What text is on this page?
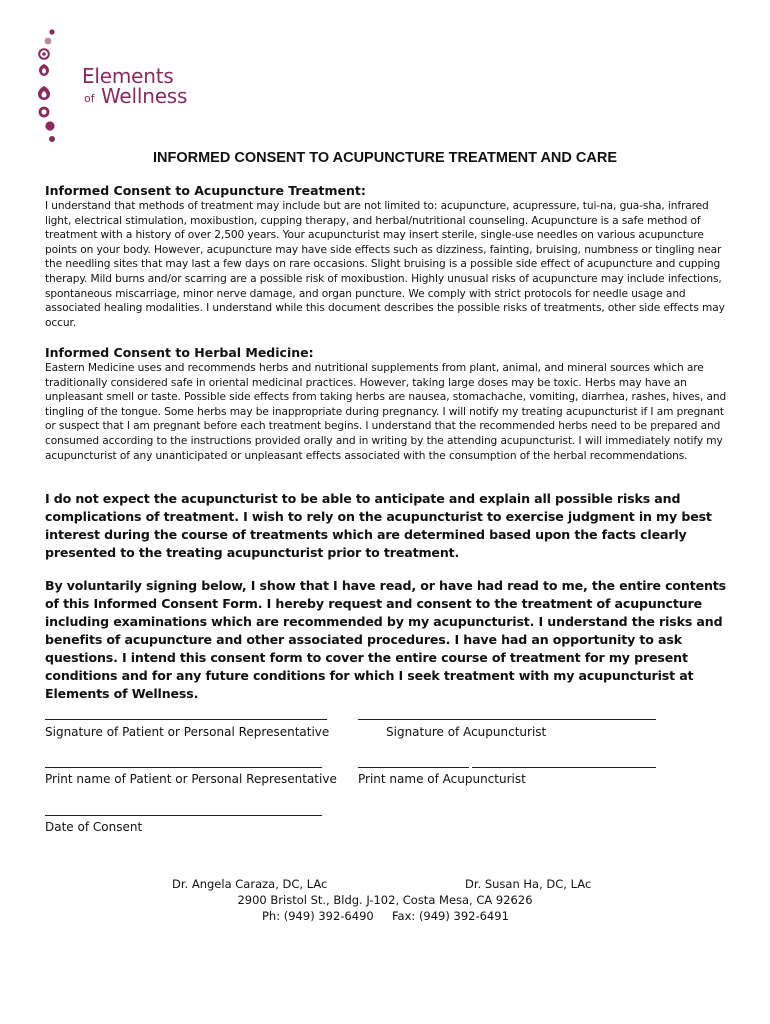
Elements
of Wellness
INFORMED CONSENT TO ACUPUNCTURE TREATMENT AND CARE
Informed Consent to Acupuncture Treatment:
I understand that methods of treatment may include but are not limited to: acupuncture, acupressure, tui-na, gua-sha, infrared light, electrical stimulation, moxibustion, cupping therapy, and herbal/nutritional counseling. Acupuncture is a safe method of treatment with a history of over 2,500 years. Your acupuncturist may insert sterile, single-use needles on various acupuncture points on your body. However, acupuncture may have side effects such as dizziness, fainting, bruising, numbness or tingling near the needling sites that may last a few days on rare occasions. Slight bruising is a possible side effect of acupuncture and cupping therapy. Mild burns and/or scarring are a possible risk of moxibustion. Highly unusual risks of acupuncture may include infections, spontaneous miscarriage, minor nerve damage, and organ puncture. We comply with strict protocols for needle usage and associated healing modalities. I understand while this document describes the possible risks of treatments, other side effects may occur.
Informed Consent to Herbal Medicine:
Eastern Medicine uses and recommends herbs and nutritional supplements from plant, animal, and mineral sources which are traditionally considered safe in oriental medicinal practices. However, taking large doses may be toxic. Herbs may have an unpleasant smell or taste. Possible side effects from taking herbs are nausea, stomachache, vomiting, diarrhea, rashes, hives, and tingling of the tongue. Some herbs may be inappropriate during pregnancy. I will notify my treating acupuncturist if I am pregnant or suspect that I am pregnant before each treatment begins. I understand that the recommended herbs need to be prepared and consumed according to the instructions provided orally and in writing by the attending acupuncturist. I will immediately notify my acupuncturist of any unanticipated or unpleasant effects associated with the consumption of the herbal recommendations.
I do not expect the acupuncturist to be able to anticipate and explain all possible risks and complications of treatment. I wish to rely on the acupuncturist to exercise judgment in my best interest during the course of treatments which are determined based upon the facts clearly presented to the treating acupuncturist prior to treatment.
By voluntarily signing below, I show that I have read, or have had read to me, the entire contents of this Informed Consent Form. I hereby request and consent to the treatment of acupuncture including examinations which are recommended by my acupuncturist. I understand the risks and benefits of acupuncture and other associated procedures. I have had an opportunity to ask questions. I intend this consent form to cover the entire course of treatment for my present conditions and for any future conditions for which I seek treatment with my acupuncturist at Elements of Wellness.
Signature of Patient or Personal Representative	Signature of Acupuncturist
Print name of Patient or Personal Representative Print name of Acupuncturist
Date of Consent
Dr. Angela Caraza, DC, LAc	Dr. Susan Ha, DC, LAc
2900 Bristol St., Bldg. J-102, Costa Mesa, CA 92626
Ph: (949) 392-6490 Fax: (949) 392-6491
